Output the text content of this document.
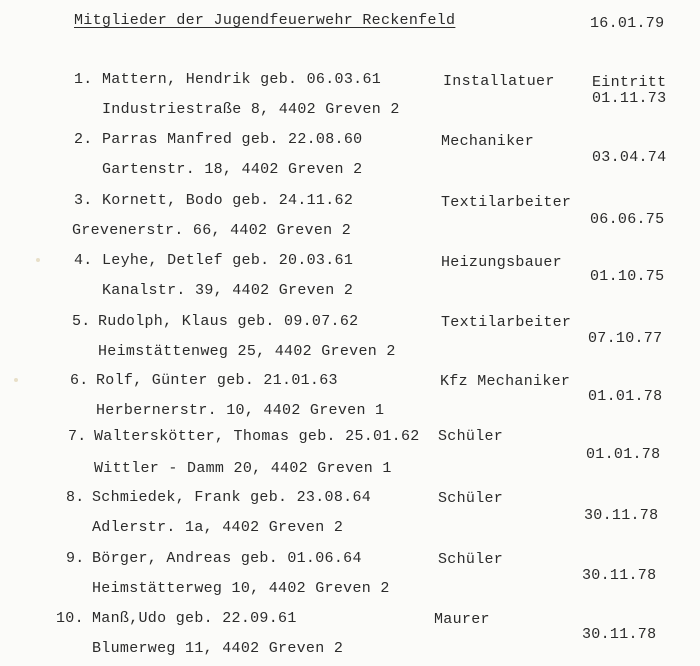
Mitglieder der Jugendfeuerwehr Reckenfeld	16.01.79
Eintritt
1. Mattern, Hendrik geb. 06.03.61
Industriestraße 8, 4402 Greven 2
Installatuer
01.11.73
2. Parras Manfred geb. 22.08.60
Gartenstr. 18, 4402 Greven 2
Mechaniker
03.04.74
3. Kornett, Bodo geb. 24.11.62
Grevenerstr. 66, 4402 Greven 2
Textilarbeiter
06.06.75
4. Leyhe, Detlef geb. 20.03.61
Kanalstr. 39, 4402 Greven 2
Heizungsbauer
01.10.75
5. Rudolph, Klaus geb. 09.07.62
Heimstättenweg 25, 4402 Greven 2
Textilarbeiter
07.10.77
6. Rolf, Günter geb. 21.01.63
Herbernerstr. 10, 4402 Greven 1
Kfz Mechaniker
01.01.78
7. Walterskötter, Thomas geb. 25.01.62
Wittler - Damm 20, 4402 Greven 1
Schüler
01.01.78
8. Schmiedek, Frank geb. 23.08.64
Adlerstr. 1a, 4402 Greven 2
Schüler
30.11.78
9. Börger, Andreas geb. 01.06.64
Heimstätterweg 10, 4402 Greven 2
Schüler
30.11.78
10. Manß,Udo geb. 22.09.61
Blumerweg 11, 4402 Greven 2
Maurer
30.11.78
